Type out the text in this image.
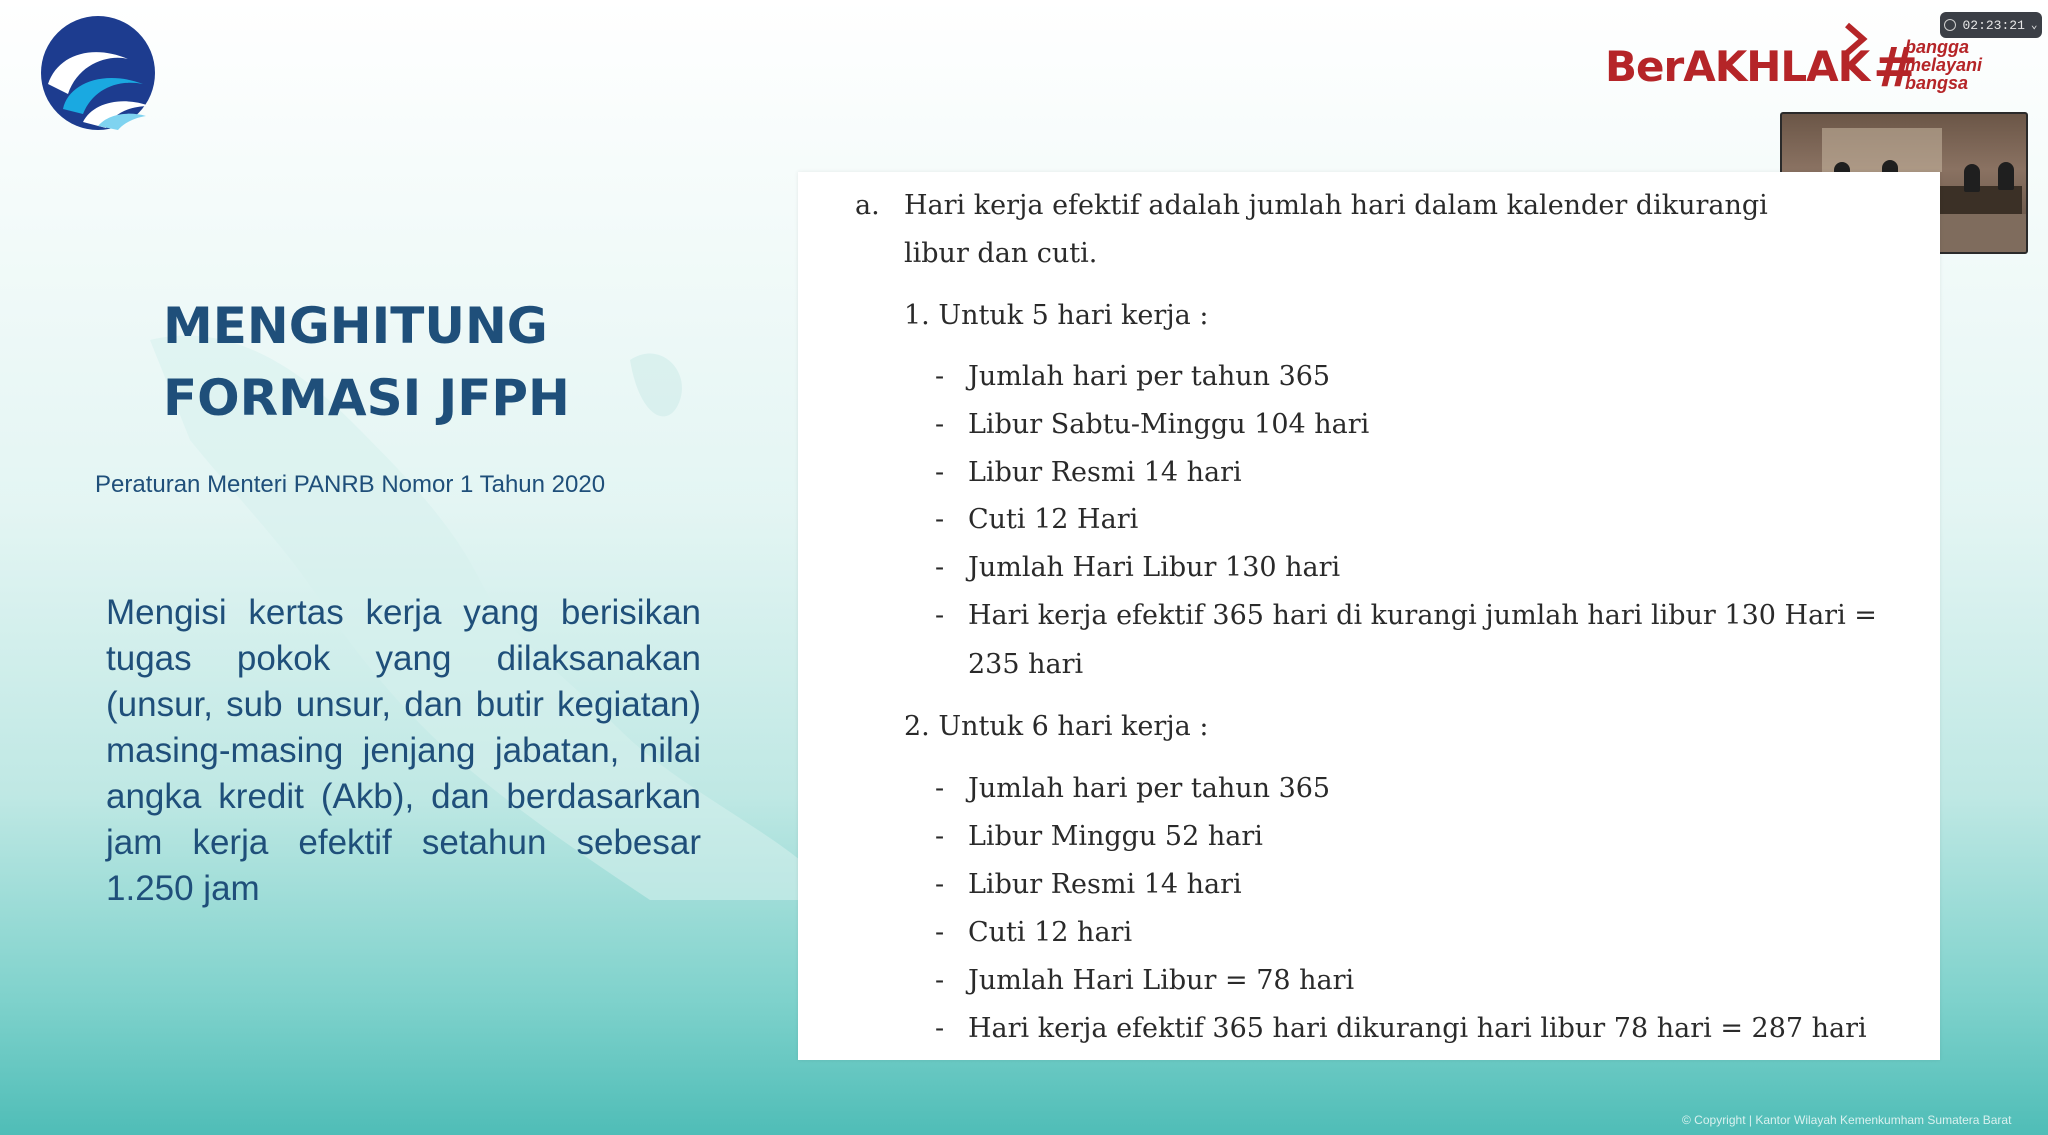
02:23:21 ⌄
BerAKHLAK #
bangga
melayani
bangsa
MENGHITUNG
FORMASI JFPH
Peraturan Menteri PANRB Nomor 1 Tahun 2020
Mengisi kertas kerja yang berisikan tugas pokok yang dilaksanakan (unsur, sub unsur, dan butir kegiatan) masing-masing jenjang jabatan, nilai angka kredit (Akb), dan berdasarkan jam kerja efektif setahun sebesar 1.250 jam
a. Hari kerja efektif adalah jumlah hari dalam kalender dikurangi
libur dan cuti.
1. Untuk 5 hari kerja :
- Jumlah hari per tahun 365
- Libur Sabtu-Minggu 104 hari
- Libur Resmi 14 hari
- Cuti 12 Hari
- Jumlah Hari Libur 130 hari
- Hari kerja efektif 365 hari di kurangi jumlah hari libur 130 Hari =
235 hari
2. Untuk 6 hari kerja :
- Jumlah hari per tahun 365
- Libur Minggu 52 hari
- Libur Resmi 14 hari
- Cuti 12 hari
- Jumlah Hari Libur = 78 hari
- Hari kerja efektif 365 hari dikurangi hari libur 78 hari = 287 hari
© Copyright | Kantor Wilayah Kemenkumham Sumatera Barat
